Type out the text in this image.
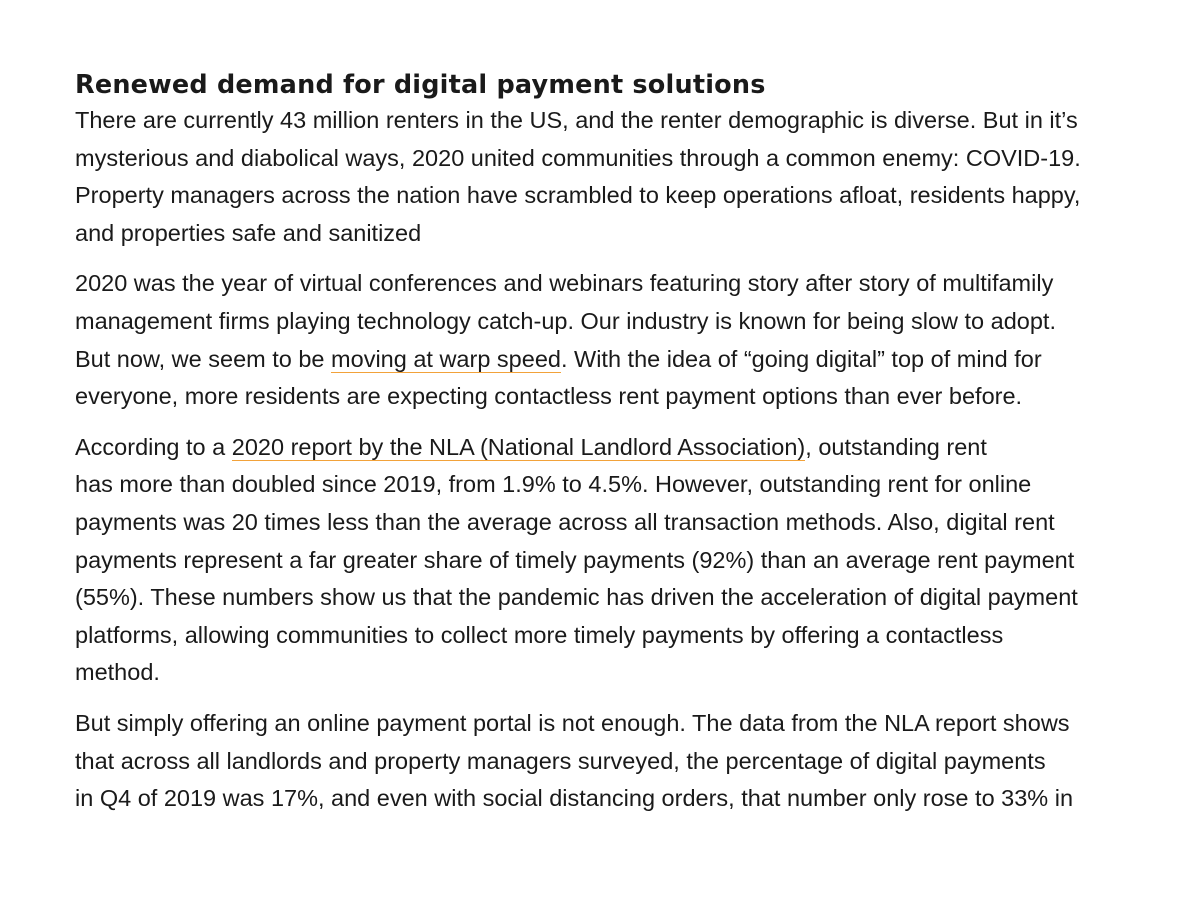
Renewed demand for digital payment solutions

There are currently 43 million renters in the US, and the renter demographic is diverse. But in it’s
mysterious and diabolical ways, 2020 united communities through a common enemy: COVID-19.
Property managers across the nation have scrambled to keep operations afloat, residents happy,
and properties safe and sanitized

2020 was the year of virtual conferences and webinars featuring story after story of multifamily
management firms playing technology catch-up. Our industry is known for being slow to adopt.
But now, we seem to be moving at warp speed. With the idea of “going digital” top of mind for
everyone, more residents are expecting contactless rent payment options than ever before.

According to a 2020 report by the NLA (National Landlord Association), outstanding rent
has more than doubled since 2019, from 1.9% to 4.5%. However, outstanding rent for online
payments was 20 times less than the average across all transaction methods. Also, digital rent
payments represent a far greater share of timely payments (92%) than an average rent payment
(55%). These numbers show us that the pandemic has driven the acceleration of digital payment
platforms, allowing communities to collect more timely payments by offering a contactless
method.

But simply offering an online payment portal is not enough. The data from the NLA report shows
that across all landlords and property managers surveyed, the percentage of digital payments
in Q4 of 2019 was 17%, and even with social distancing orders, that number only rose to 33% in
